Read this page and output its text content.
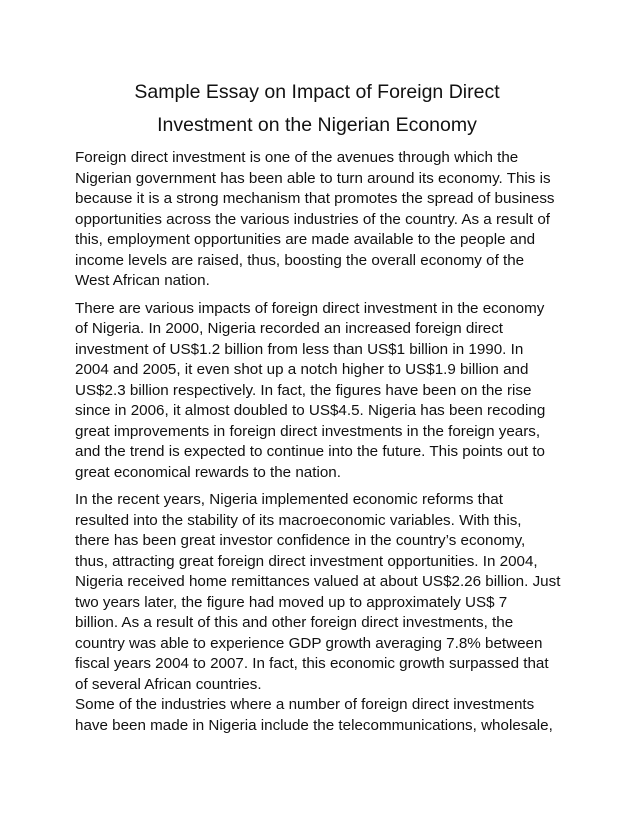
Sample Essay on Impact of Foreign Direct
Investment on the Nigerian Economy

Foreign direct investment is one of the avenues through which the
Nigerian government has been able to turn around its economy. This is
because it is a strong mechanism that promotes the spread of business
opportunities across the various industries of the country. As a result of
this, employment opportunities are made available to the people and
income levels are raised, thus, boosting the overall economy of the
West African nation.

There are various impacts of foreign direct investment in the economy
of Nigeria. In 2000, Nigeria recorded an increased foreign direct
investment of US$1.2 billion from less than US$1 billion in 1990. In
2004 and 2005, it even shot up a notch higher to US$1.9 billion and
US$2.3 billion respectively. In fact, the figures have been on the rise
since in 2006, it almost doubled to US$4.5. Nigeria has been recoding
great improvements in foreign direct investments in the foreign years,
and the trend is expected to continue into the future. This points out to
great economical rewards to the nation.

In the recent years, Nigeria implemented economic reforms that
resulted into the stability of its macroeconomic variables. With this,
there has been great investor confidence in the country’s economy,
thus, attracting great foreign direct investment opportunities. In 2004,
Nigeria received home remittances valued at about US$2.26 billion. Just
two years later, the figure had moved up to approximately US$ 7
billion. As a result of this and other foreign direct investments, the
country was able to experience GDP growth averaging 7.8% between
fiscal years 2004 to 2007. In fact, this economic growth surpassed that
of several African countries.

Some of the industries where a number of foreign direct investments
have been made in Nigeria include the telecommunications, wholesale,
